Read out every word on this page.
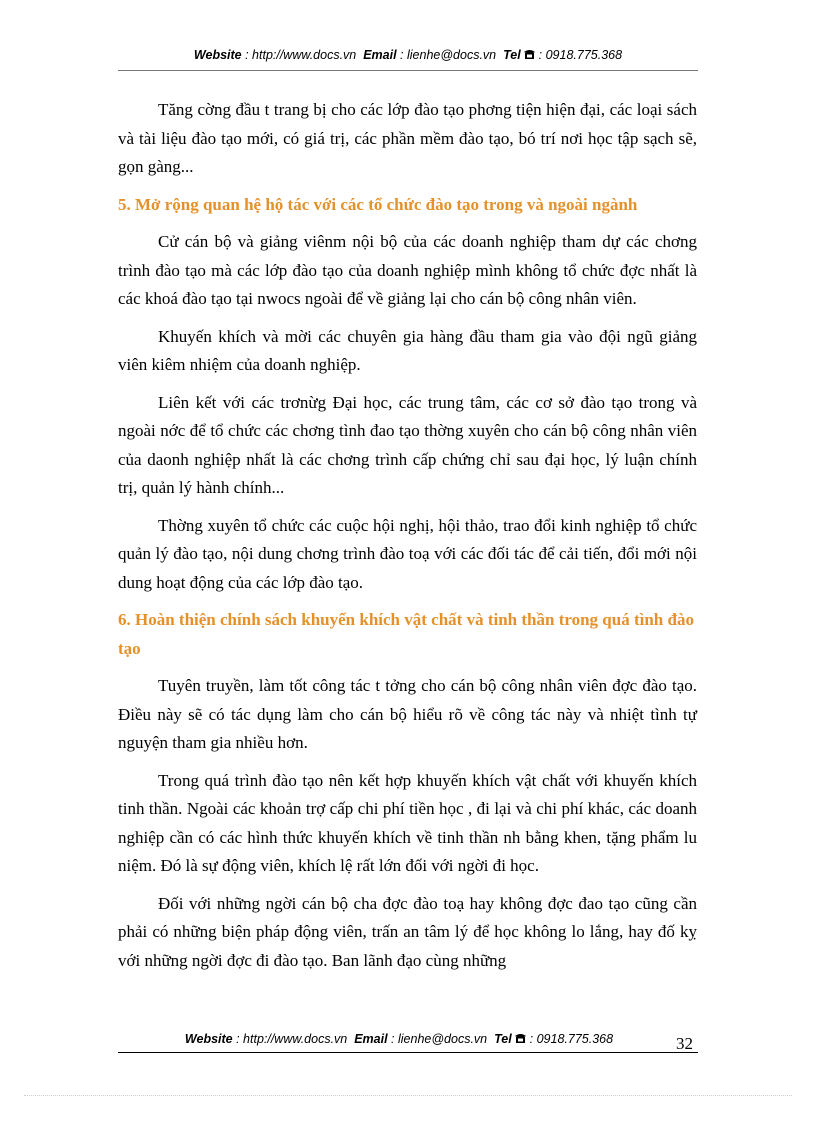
Website : http://www.docs.vn  Email : lienhe@docs.vn  Tel  : 0918.775.368

Tăng cờng đầu t trang bị cho các lớp đào tạo phơng tiện hiện đại, các loại sách và tài liệu đào tạo mới, có giá trị, các phần mềm đào tạo, bó trí nơi học tập sạch sẽ, gọn gàng...

5. Mở rộng quan hệ hộ tác với các tổ chức đào tạo trong và ngoài ngành

Cử cán bộ và giảng viênm nội bộ của các doanh nghiệp tham dự các chơng trình đào tạo mà các lớp đào tạo của doanh nghiệp mình không tổ chức đợc nhất là các khoá đào tạo tại nwocs ngoài để về giảng lại cho cán bộ công nhân viên.

Khuyến khích và mời các chuyên gia hàng đầu tham gia vào đội ngũ giảng viên kiêm nhiệm của doanh nghiệp.

Liên kết với các trơnừg Đại học, các trung tâm, các cơ sở đào tạo trong và ngoài nớc để tổ chức các chơng tình đao tạo thờng xuyên cho cán bộ công nhân viên của daonh nghiệp nhất là các chơng trình cấp chứng chỉ sau đại học, lý luận chính trị, quản lý hành chính...

Thờng xuyên tổ chức các cuộc hội nghị, hội thảo, trao đổi kinh nghiệp tổ chức quản lý đào tạo, nội dung chơng trình đào toạ với các đối tác để cải tiến, đổi mới nội dung hoạt động của các lớp đào tạo.

6. Hoàn thiện chính sách khuyến khích vật chất và tinh thần trong quá tình đào tạo

Tuyên truyền, làm tốt công tác t tởng cho cán bộ công nhân viên đợc đào tạo. Điều này sẽ có tác dụng làm cho cán bộ hiểu rõ về công tác này và nhiệt tình tự nguyện tham gia nhiều hơn.

Trong quá trình đào tạo nên kết hợp khuyến khích vật chất với khuyến khích tinh thần. Ngoài các khoản trợ cấp chi phí tiền học , đi lại và chi phí khác, các doanh nghiệp cần có các hình thức khuyến khích về tinh thần nh bằng khen, tặng phẩm lu niệm. Đó là sự động viên, khích lệ rất lớn đối với ngời đi học.

Đối với những ngời cán bộ cha đợc đào toạ hay không đợc đao tạo cũng cần phải có những biện pháp động viên, trấn an tâm lý để học không lo lắng, hay đố kỵ với những ngời đợc đi đào tạo. Ban lãnh đạo cùng những

Website : http://www.docs.vn  Email : lienhe@docs.vn  Tel  : 0918.775.368	32
